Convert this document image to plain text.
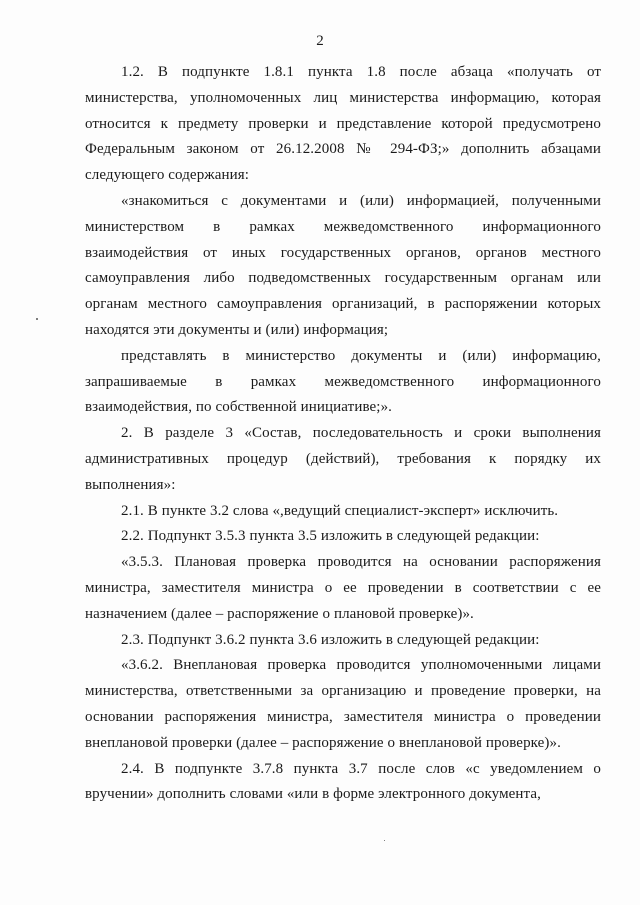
2

1.2. В подпункте 1.8.1 пункта 1.8 после абзаца «получать от министерства, уполномоченных лиц министерства информацию, которая относится к предмету проверки и представление которой предусмотрено Федеральным законом от 26.12.2008 № 294-ФЗ;» дополнить абзацами следующего содержания:

«знакомиться с документами и (или) информацией, полученными министерством в рамках межведомственного информационного взаимодействия от иных государственных органов, органов местного самоуправления либо подведомственных государственным органам или органам местного самоуправления организаций, в распоряжении которых находятся эти документы и (или) информация;

представлять в министерство документы и (или) информацию, запрашиваемые в рамках межведомственного информационного взаимодействия, по собственной инициативе;».

2. В разделе 3 «Состав, последовательность и сроки выполнения административных процедур (действий), требования к порядку их выполнения»:

2.1. В пункте 3.2 слова «,ведущий специалист-эксперт» исключить.

2.2. Подпункт 3.5.3 пункта 3.5 изложить в следующей редакции:

«3.5.3. Плановая проверка проводится на основании распоряжения министра, заместителя министра о ее проведении в соответствии с ее назначением (далее – распоряжение о плановой проверке)».

2.3. Подпункт 3.6.2 пункта 3.6 изложить в следующей редакции:

«3.6.2. Внеплановая проверка проводится уполномоченными лицами министерства, ответственными за организацию и проведение проверки, на основании распоряжения министра, заместителя министра о проведении внеплановой проверки (далее – распоряжение о внеплановой проверке)».

2.4. В подпункте 3.7.8 пункта 3.7 после слов «с уведомлением о вручении» дополнить словами «или в форме электронного документа,
